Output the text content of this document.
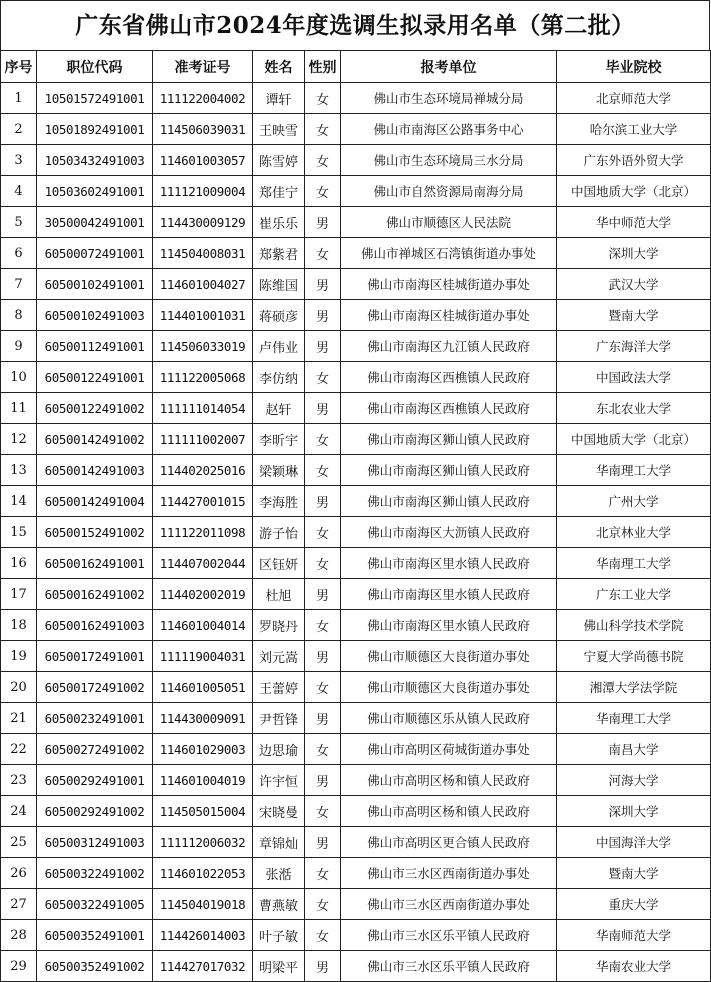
广东省佛山市2024年度选调生拟录用名单（第二批）
序号	职位代码	准考证号	姓名	性别	报考单位	毕业院校
1	10501572491001	111122004002	谭轩	女	佛山市生态环境局禅城分局	北京师范大学
2	10501892491001	114506039031	王映雪	女	佛山市南海区公路事务中心	哈尔滨工业大学
3	10503432491003	114601003057	陈雪婷	女	佛山市生态环境局三水分局	广东外语外贸大学
4	10503602491001	111121009004	郑佳宁	女	佛山市自然资源局南海分局	中国地质大学（北京）
5	30500042491001	114430009129	崔乐乐	男	佛山市顺德区人民法院	华中师范大学
6	60500072491001	114504008031	郑紫君	女	佛山市禅城区石湾镇街道办事处	深圳大学
7	60500102491001	114601004027	陈维国	男	佛山市南海区桂城街道办事处	武汉大学
8	60500102491003	114401001031	蒋硕彦	男	佛山市南海区桂城街道办事处	暨南大学
9	60500112491001	114506033019	卢伟业	男	佛山市南海区九江镇人民政府	广东海洋大学
10	60500122491001	111122005068	李仿纳	女	佛山市南海区西樵镇人民政府	中国政法大学
11	60500122491002	111111014054	赵轩	男	佛山市南海区西樵镇人民政府	东北农业大学
12	60500142491002	111111002007	李昕宇	女	佛山市南海区狮山镇人民政府	中国地质大学（北京）
13	60500142491003	114402025016	梁颖琳	女	佛山市南海区狮山镇人民政府	华南理工大学
14	60500142491004	114427001015	李海胜	男	佛山市南海区狮山镇人民政府	广州大学
15	60500152491002	111122011098	游子怡	女	佛山市南海区大沥镇人民政府	北京林业大学
16	60500162491001	114407002044	区钰妍	女	佛山市南海区里水镇人民政府	华南理工大学
17	60500162491002	114402002019	杜旭	男	佛山市南海区里水镇人民政府	广东工业大学
18	60500162491003	114601004014	罗晓丹	女	佛山市南海区里水镇人民政府	佛山科学技术学院
19	60500172491001	111119004031	刘元嵩	男	佛山市顺德区大良街道办事处	宁夏大学尚德书院
20	60500172491002	114601005051	王蕾婷	女	佛山市顺德区大良街道办事处	湘潭大学法学院
21	60500232491001	114430009091	尹哲锋	男	佛山市顺德区乐从镇人民政府	华南理工大学
22	60500272491002	114601029003	边思瑜	女	佛山市高明区荷城街道办事处	南昌大学
23	60500292491001	114601004019	许宇恒	男	佛山市高明区杨和镇人民政府	河海大学
24	60500292491002	114505015004	宋晓曼	女	佛山市高明区杨和镇人民政府	深圳大学
25	60500312491003	111112006032	章锦灿	男	佛山市高明区更合镇人民政府	中国海洋大学
26	60500322491002	114601022053	张湉	女	佛山市三水区西南街道办事处	暨南大学
27	60500322491005	114504019018	曹燕敏	女	佛山市三水区西南街道办事处	重庆大学
28	60500352491001	114426014003	叶子敏	女	佛山市三水区乐平镇人民政府	华南师范大学
29	60500352491002	114427017032	明梁平	男	佛山市三水区乐平镇人民政府	华南农业大学
